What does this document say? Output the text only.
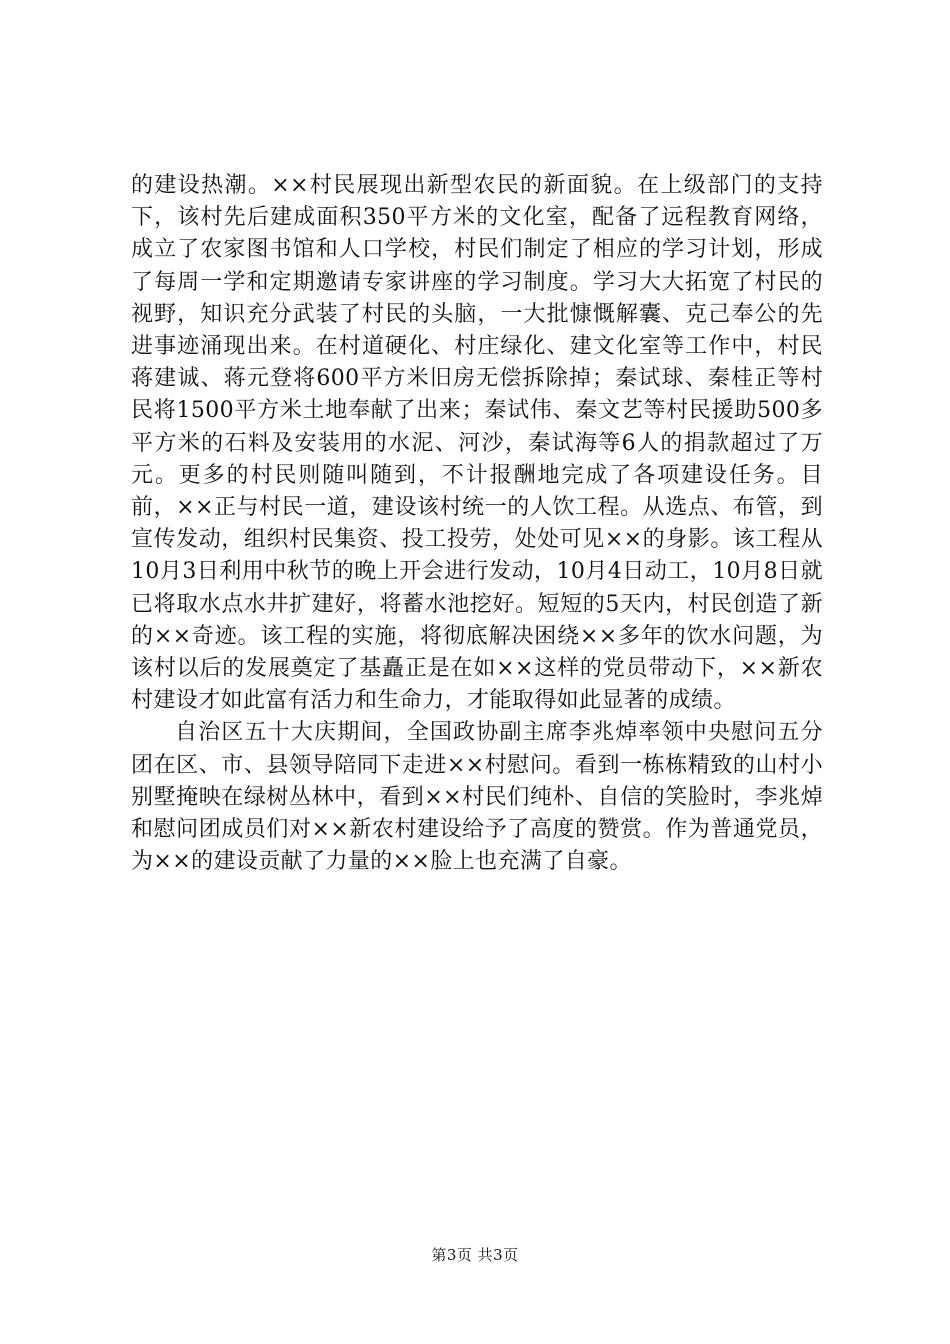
的建设热潮。××村民展现出新型农民的新面貌。在上级部门的支持下，该村先后建成面积350平方米的文化室，配备了远程教育网络，成立了农家图书馆和人口学校，村民们制定了相应的学习计划，形成了每周一学和定期邀请专家讲座的学习制度。学习大大拓宽了村民的视野，知识充分武装了村民的头脑，一大批慷慨解囊、克己奉公的先进事迹涌现出来。在村道硬化、村庄绿化、建文化室等工作中，村民蒋建诚、蒋元登将600平方米旧房无偿拆除掉；秦试球、秦桂正等村民将1500平方米土地奉献了出来；秦试伟、秦文艺等村民援助500多平方米的石料及安装用的水泥、河沙，秦试海等6人的捐款超过了万元。更多的村民则随叫随到，不计报酬地完成了各项建设任务。目前，××正与村民一道，建设该村统一的人饮工程。从选点、布管，到宣传发动，组织村民集资、投工投劳，处处可见××的身影。该工程从10月3日利用中秋节的晚上开会进行发动，10月4日动工，10月8日就已将取水点水井扩建好，将蓄水池挖好。短短的5天内，村民创造了新的××奇迹。该工程的实施，将彻底解决困绕××多年的饮水问题，为该村以后的发展奠定了基矗正是在如××这样的党员带动下，××新农村建设才如此富有活力和生命力，才能取得如此显著的成绩。

自治区五十大庆期间，全国政协副主席李兆焯率领中央慰问五分团在区、市、县领导陪同下走进××村慰问。看到一栋栋精致的山村小别墅掩映在绿树丛林中，看到××村民们纯朴、自信的笑脸时，李兆焯和慰问团成员们对××新农村建设给予了高度的赞赏。作为普通党员，为××的建设贡献了力量的××脸上也充满了自豪。

第3页 共3页
